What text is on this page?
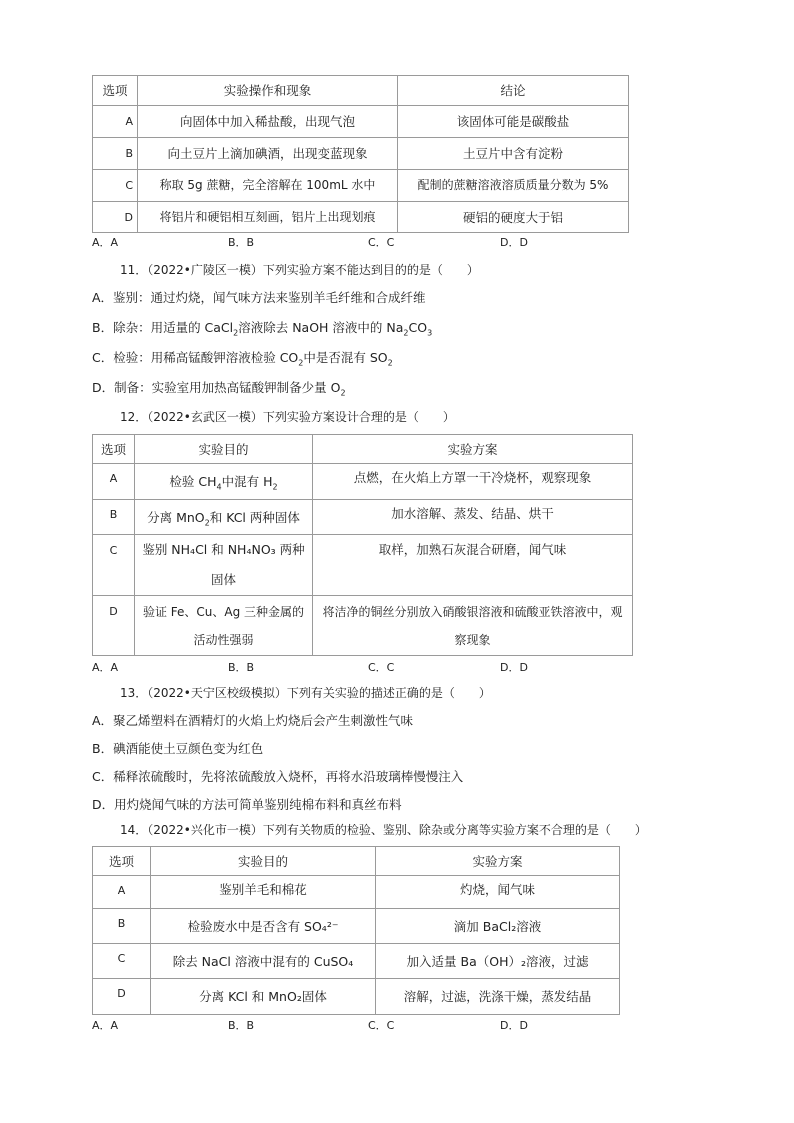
选项	实验操作和现象	结论
A	向固体中加入稀盐酸，出现气泡	该固体可能是碳酸盐
B	向土豆片上滴加碘酒，出现变蓝现象	土豆片中含有淀粉
C	称取 5g 蔗糖，完全溶解在 100mL 水中	配制的蔗糖溶液溶质质量分数为 5%
D	将铝片和硬铝相互刻画，铝片上出现划痕	硬铝的硬度大于铝
A．A	B．B	C．C	D．D
11．（2022•广陵区一模）下列实验方案不能达到目的的是（　　）
A．鉴别：通过灼烧，闻气味方法来鉴别羊毛纤维和合成纤维
B．除杂：用适量的 CaCl$_2$溶液除去 NaOH 溶液中的 $Na_2CO_3$
C．检验：用稀高锰酸钾溶液检验 $CO_2$中是否混有 $SO_2$
D．制备：实验室用加热高锰酸钾制备少量 $O_2$
12．（2022•玄武区一模）下列实验方案设计合理的是（　　）
选项	实验目的	实验方案
A	检验 $CH_4$中混有 $H_2$	点燃，在火焰上方罩一干冷烧杯，观察现象
B	分离 MnO$_2$和 KCl 两种固体	加水溶解、蒸发、结晶、烘干
C	鉴别 NH₄Cl 和 NH₄NO₃ 两种固体	取样，加熟石灰混合研磨，闻气味
D	验证 Fe、Cu、Ag 三种金属的活动性强弱	将洁净的铜丝分别放入硝酸银溶液和硫酸亚铁溶液中，观察现象
A．A	B．B	C．C	D．D
13．（2022•天宁区校级模拟）下列有关实验的描述正确的是（　　）
A．聚乙烯塑料在酒精灯的火焰上灼烧后会产生刺激性气味
B．碘酒能使土豆颜色变为红色
C．稀释浓硫酸时，先将浓硫酸放入烧杯，再将水沿玻璃棒慢慢注入
D．用灼烧闻气味的方法可简单鉴别纯棉布料和真丝布料
14．（2022•兴化市一模）下列有关物质的检验、鉴别、除杂或分离等实验方案不合理的是（　　）
选项	实验目的	实验方案
A	鉴别羊毛和棉花	灼烧，闻气味
B	检验废水中是否含有 SO₄²⁻	滴加 BaCl₂溶液
C	除去 NaCl 溶液中混有的 CuSO₄	加入适量 Ba（OH）₂溶液，过滤
D	分离 KCl 和 MnO₂固体	溶解，过滤，洗涤干燥，蒸发结晶
A．A	B．B	C．C	D．D
